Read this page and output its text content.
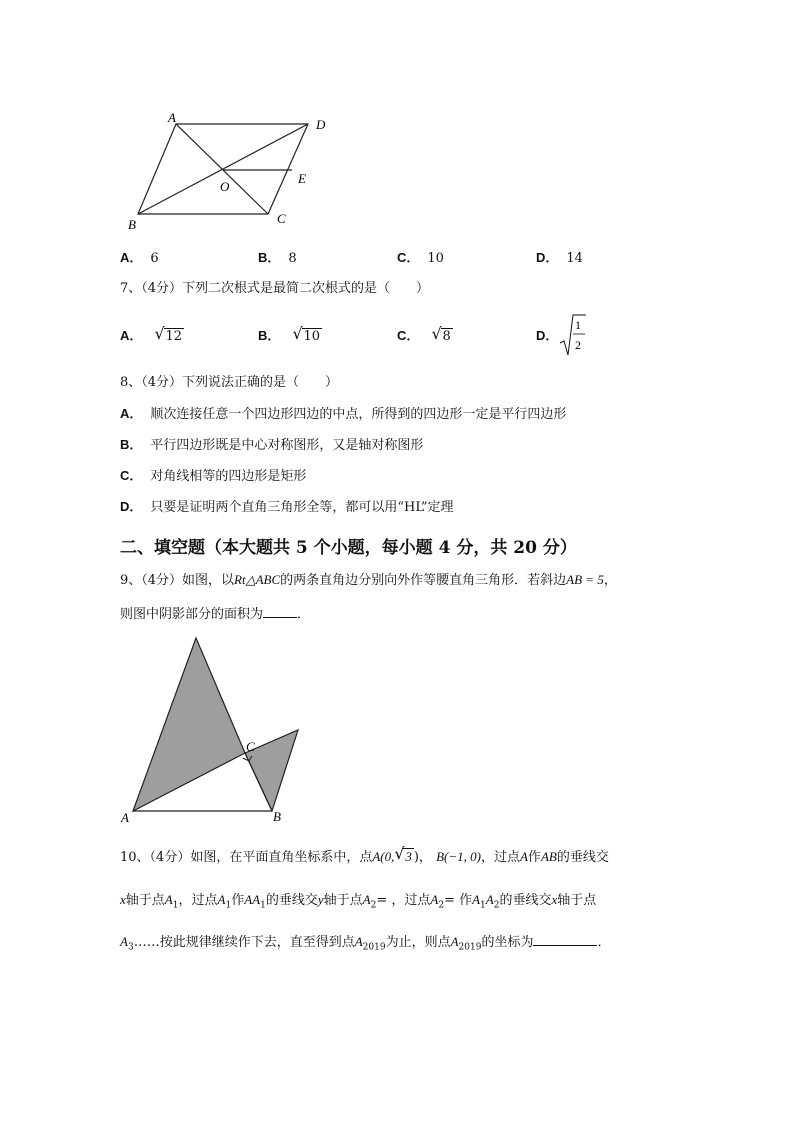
A	D
O
E
B	C
A． 6	B． 8	C． 10	D． 14
7、（4分）下列二次根式是最简二次根式的是（　　）
A． √ 12	B． √ 10	C． √ 8	D．
1
2
8、（4分）下列说法正确的是（　　）
A． 顺次连接任意一个四边形四边的中点，所得到的四边形一定是平行四边形
B． 平行四边形既是中心对称图形，又是轴对称图形
C． 对角线相等的四边形是矩形
D． 只要是证明两个直角三角形全等，都可以用“HL”定理
二、填空题（本大题共 5 个小题，每小题 4 分，共 20 分）
9、（4分）如图，以Rt△ABC的两条直角边分别向外作等腰直角三角形．若斜边AB = 5，
则图中阴影部分的面积为	．
A	B
C
10、（4分）如图，在平面直角坐标系中，点A(0, √ 3 )， B(−1, 0)，过点A作AB的垂线交
x轴于点$A_1$，过点$A_1$作$AA_1$的垂线交y轴于点$A_2=$ ，过点$A_2=$ 作$A_1A_2$的垂线交x轴于点
$A_3\dots\dots$按此规律继续作下去，直至得到点$A_{2019}$为止，则点$A_{2019}$的坐标为	．
